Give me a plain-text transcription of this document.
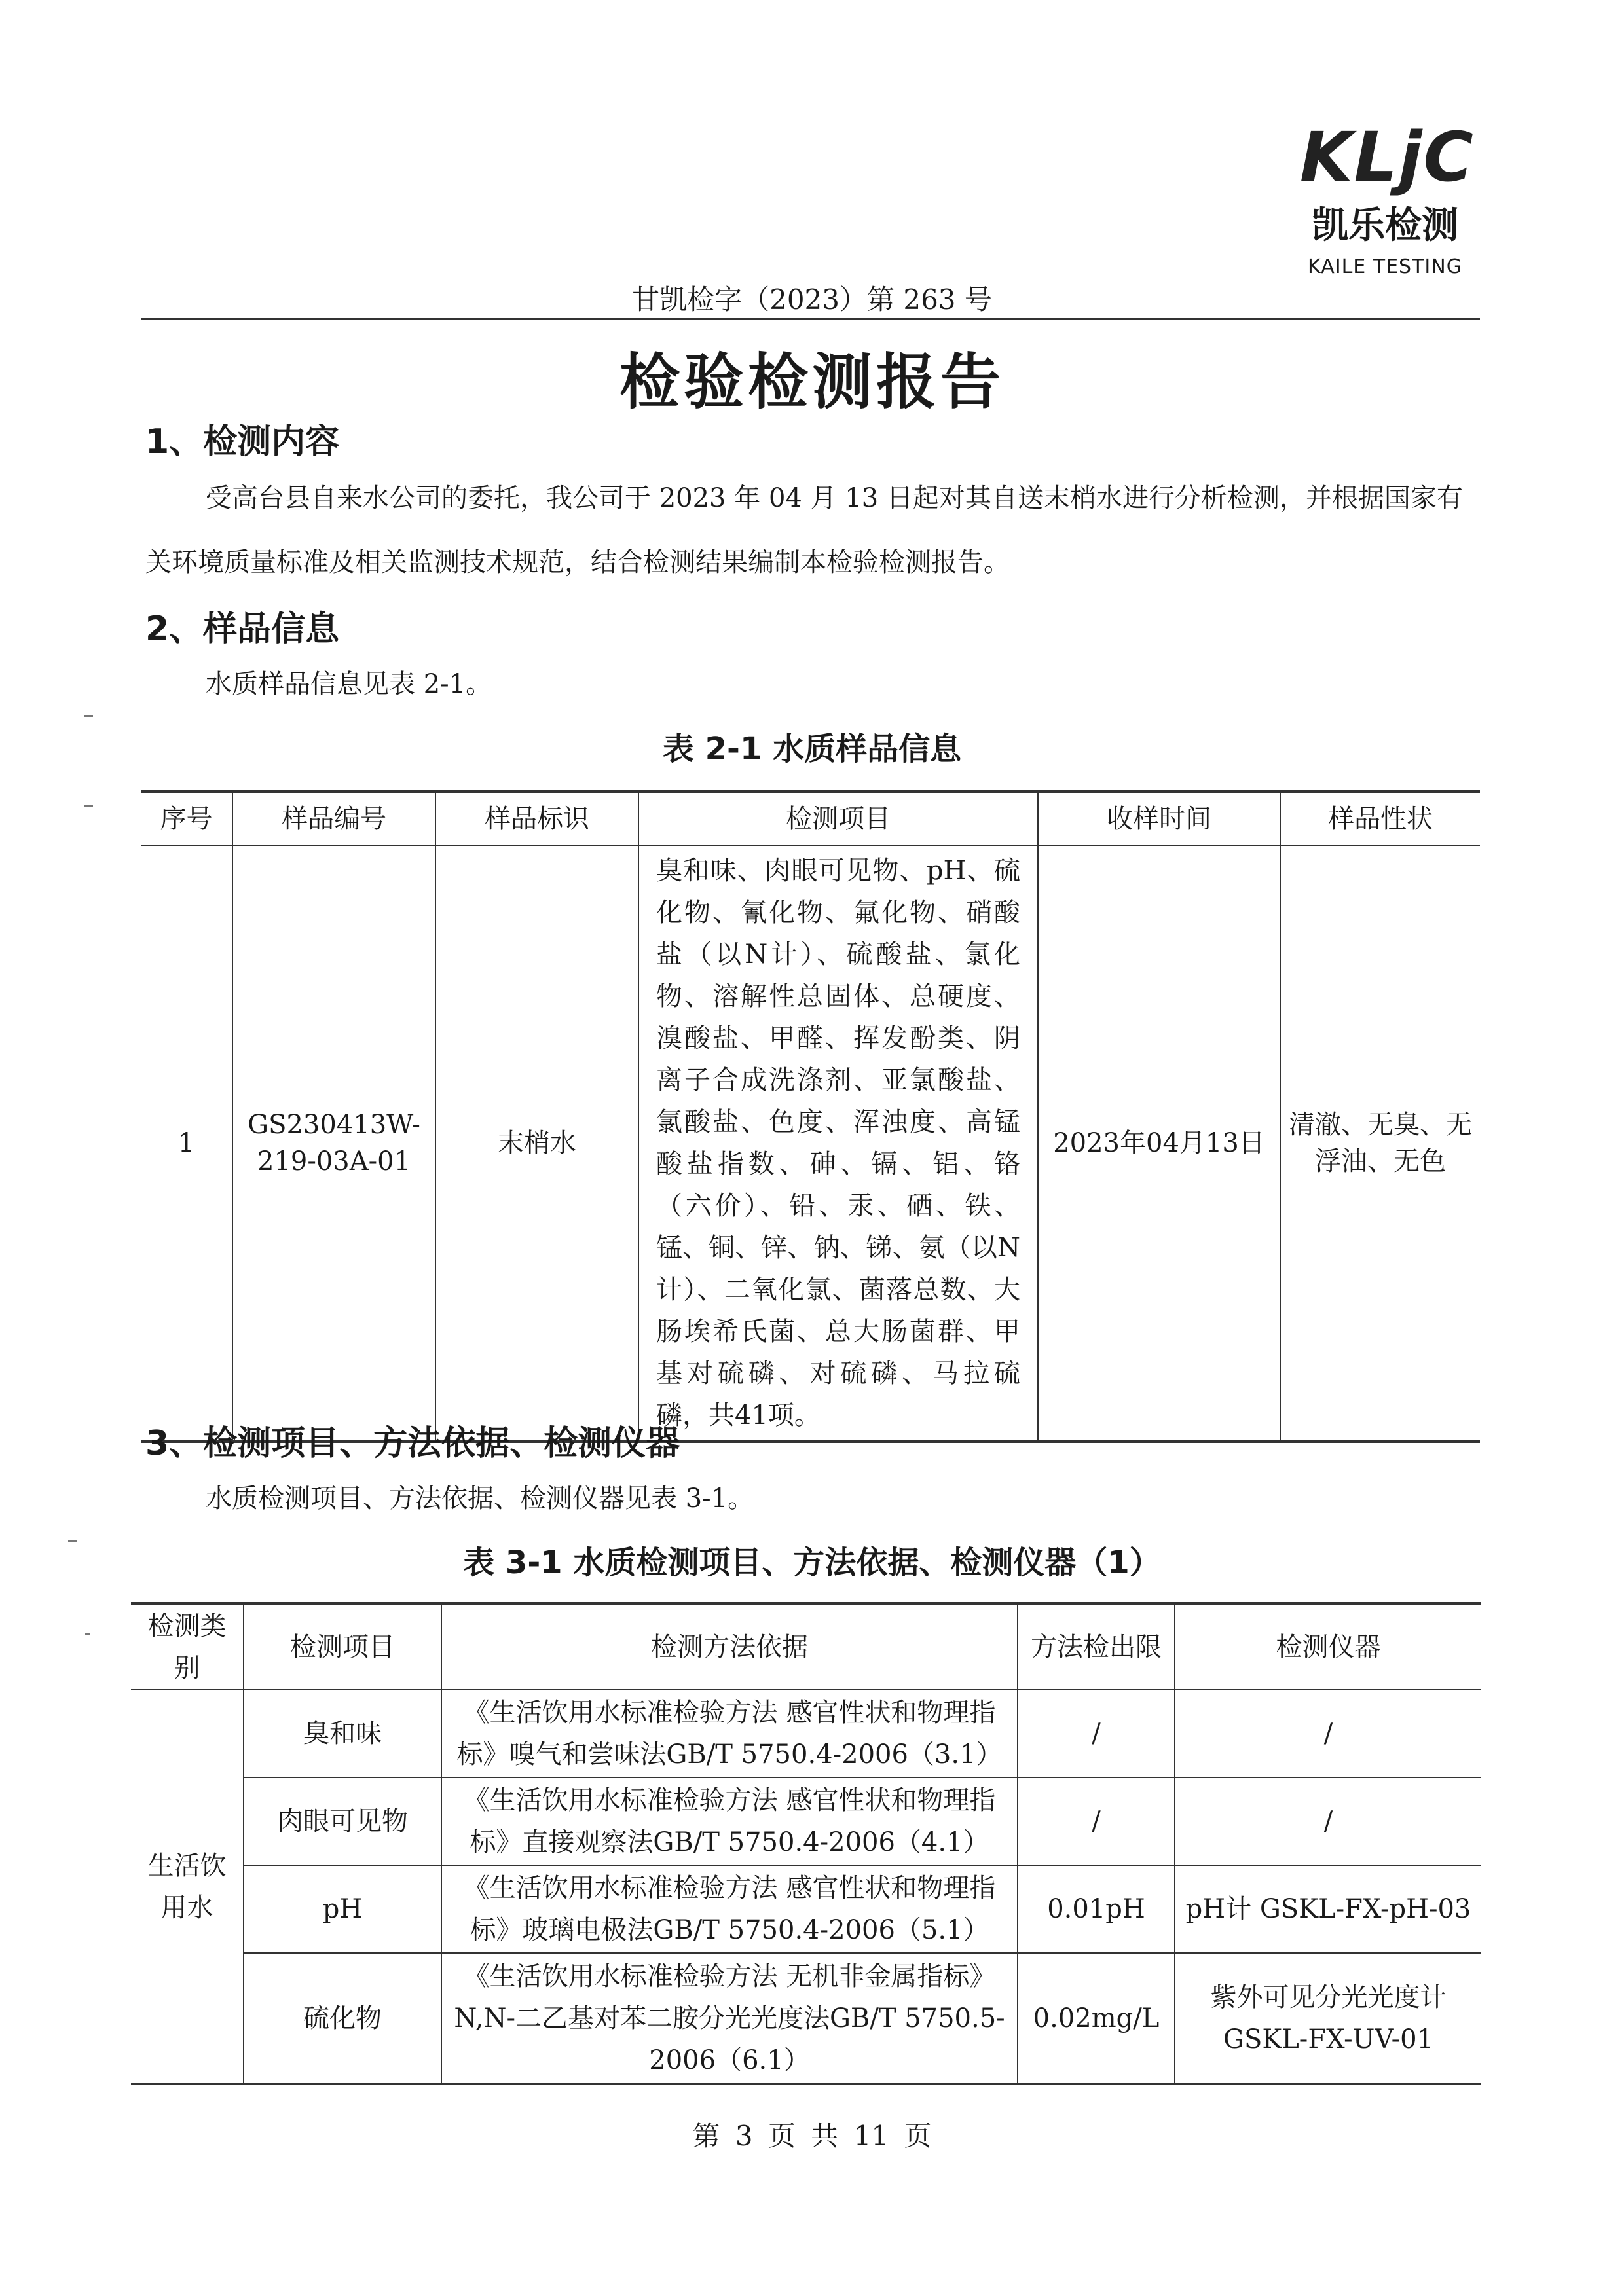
KLjC
凯乐检测
KAILE TESTING
甘凯检字（2023）第 263 号
检验检测报告
1、检测内容
受高台县自来水公司的委托，我公司于 2023 年 04 月 13 日起对其自送末梢水进行分析检测，并根据国家有关环境质量标准及相关监测技术规范，结合检测结果编制本检验检测报告。
2、样品信息
水质样品信息见表 2-1。
表 2-1 水质样品信息
序号	样品编号	样品标识	检测项目	收样时间	样品性状
1	GS230413W-219-03A-01	末梢水	臭和味、肉眼可见物、pH、硫化物、氰化物、氟化物、硝酸盐（以N计）、硫酸盐、氯化物、溶解性总固体、总硬度、溴酸盐、甲醛、挥发酚类、阴离子合成洗涤剂、亚氯酸盐、氯酸盐、色度、浑浊度、高锰酸盐指数、砷、镉、铝、铬（六价）、铅、汞、硒、铁、锰、铜、锌、钠、锑、氨（以N计）、二氧化氯、菌落总数、大肠埃希氏菌、总大肠菌群、甲基对硫磷、对硫磷、马拉硫磷，共41项。	2023年04月13日	清澈、无臭、无浮油、无色
3、检测项目、方法依据、检测仪器
水质检测项目、方法依据、检测仪器见表 3-1。
表 3-1 水质检测项目、方法依据、检测仪器（1）
检测类别	检测项目	检测方法依据	方法检出限	检测仪器
生活饮用水	臭和味	《生活饮用水标准检验方法 感官性状和物理指标》嗅气和尝味法GB/T 5750.4-2006（3.1）	/	/
	肉眼可见物	《生活饮用水标准检验方法 感官性状和物理指标》直接观察法GB/T 5750.4-2006（4.1）	/	/
	pH	《生活饮用水标准检验方法 感官性状和物理指标》玻璃电极法GB/T 5750.4-2006（5.1）	0.01pH	pH计 GSKL-FX-pH-03
	硫化物	《生活饮用水标准检验方法 无机非金属指标》N,N-二乙基对苯二胺分光光度法GB/T 5750.5-2006（6.1）	0.02mg/L	紫外可见分光光度计 GSKL-FX-UV-01
第 3 页 共 11 页
